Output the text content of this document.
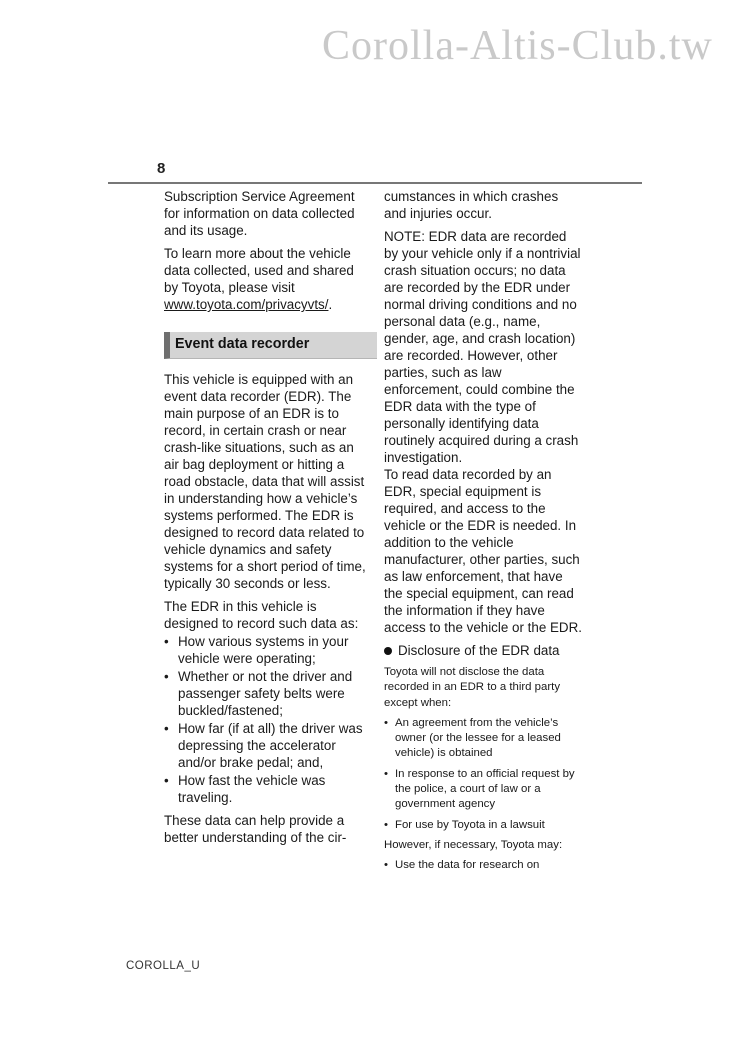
Corolla-Altis-Club.tw
8

Subscription Service Agreement for information on data collected and its usage.

To learn more about the vehicle data collected, used and shared by Toyota, please visit www.toyota.com/privacyvts/.

Event data recorder

This vehicle is equipped with an event data recorder (EDR). The main purpose of an EDR is to record, in certain crash or near crash-like situations, such as an air bag deployment or hitting a road obstacle, data that will assist in understanding how a vehicle’s systems performed. The EDR is designed to record data related to vehicle dynamics and safety systems for a short period of time, typically 30 seconds or less.

The EDR in this vehicle is designed to record such data as:

• How various systems in your vehicle were operating;
• Whether or not the driver and passenger safety belts were buckled/fastened;
• How far (if at all) the driver was depressing the accelerator and/or brake pedal; and,
• How fast the vehicle was traveling.

These data can help provide a better understanding of the cir-

cumstances in which crashes and injuries occur.

NOTE: EDR data are recorded by your vehicle only if a nontrivial crash situation occurs; no data are recorded by the EDR under normal driving conditions and no personal data (e.g., name, gender, age, and crash location) are recorded. However, other parties, such as law enforcement, could combine the EDR data with the type of personally identifying data routinely acquired during a crash investigation.

To read data recorded by an EDR, special equipment is required, and access to the vehicle or the EDR is needed. In addition to the vehicle manufacturer, other parties, such as law enforcement, that have the special equipment, can read the information if they have access to the vehicle or the EDR.

Disclosure of the EDR data

Toyota will not disclose the data recorded in an EDR to a third party except when:

• An agreement from the vehicle’s owner (or the lessee for a leased vehicle) is obtained
• In response to an official request by the police, a court of law or a government agency
• For use by Toyota in a lawsuit

However, if necessary, Toyota may:

• Use the data for research on
COROLLA_U
